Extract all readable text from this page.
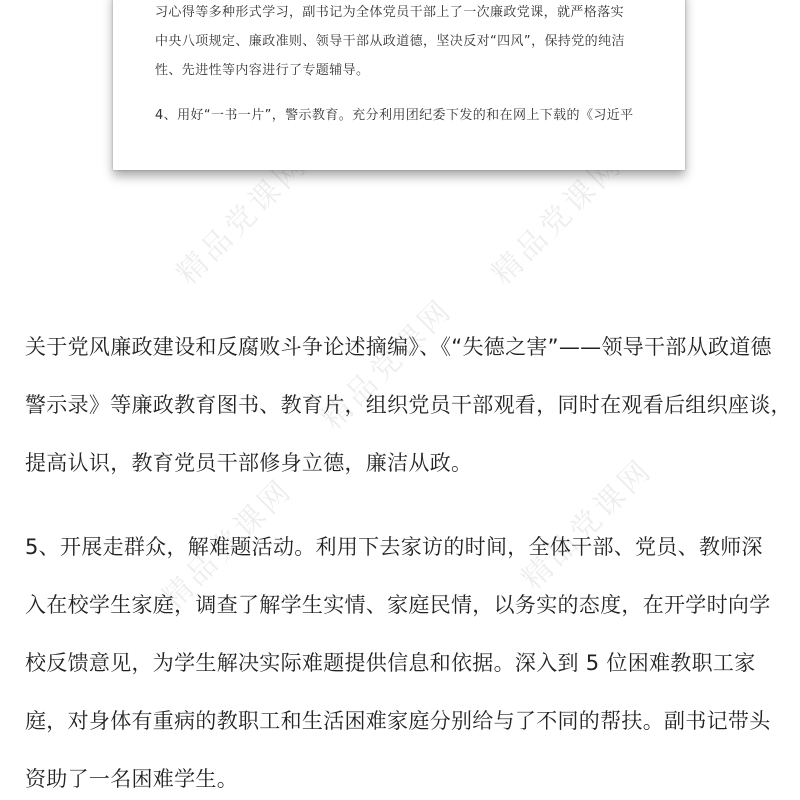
精品党课网	精品党课网
精品党课网
精品党课网
精品党课网
习心得等多种形式学习，副书记为全体党员干部上了一次廉政党课，就严格落实
中央八项规定、廉政准则、领导干部从政道德，坚决反对“四风”，保持党的纯洁
性、先进性等内容进行了专题辅导。
4、用好“一书一片”，警示教育。充分利用团纪委下发的和在网上下载的《习近平
关于党风廉政建设和反腐败斗争论述摘编》、《“失德之害”——领导干部从政道德
警示录》等廉政教育图书、教育片，组织党员干部观看，同时在观看后组织座谈，
提高认识，教育党员干部修身立德，廉洁从政。
5、开展走群众，解难题活动。利用下去家访的时间，全体干部、党员、教师深
入在校学生家庭，调查了解学生实情、家庭民情，以务实的态度，在开学时向学
校反馈意见，为学生解决实际难题提供信息和依据。深入到 5 位困难教职工家
庭，对身体有重病的教职工和生活困难家庭分别给与了不同的帮扶。副书记带头
资助了一名困难学生。
